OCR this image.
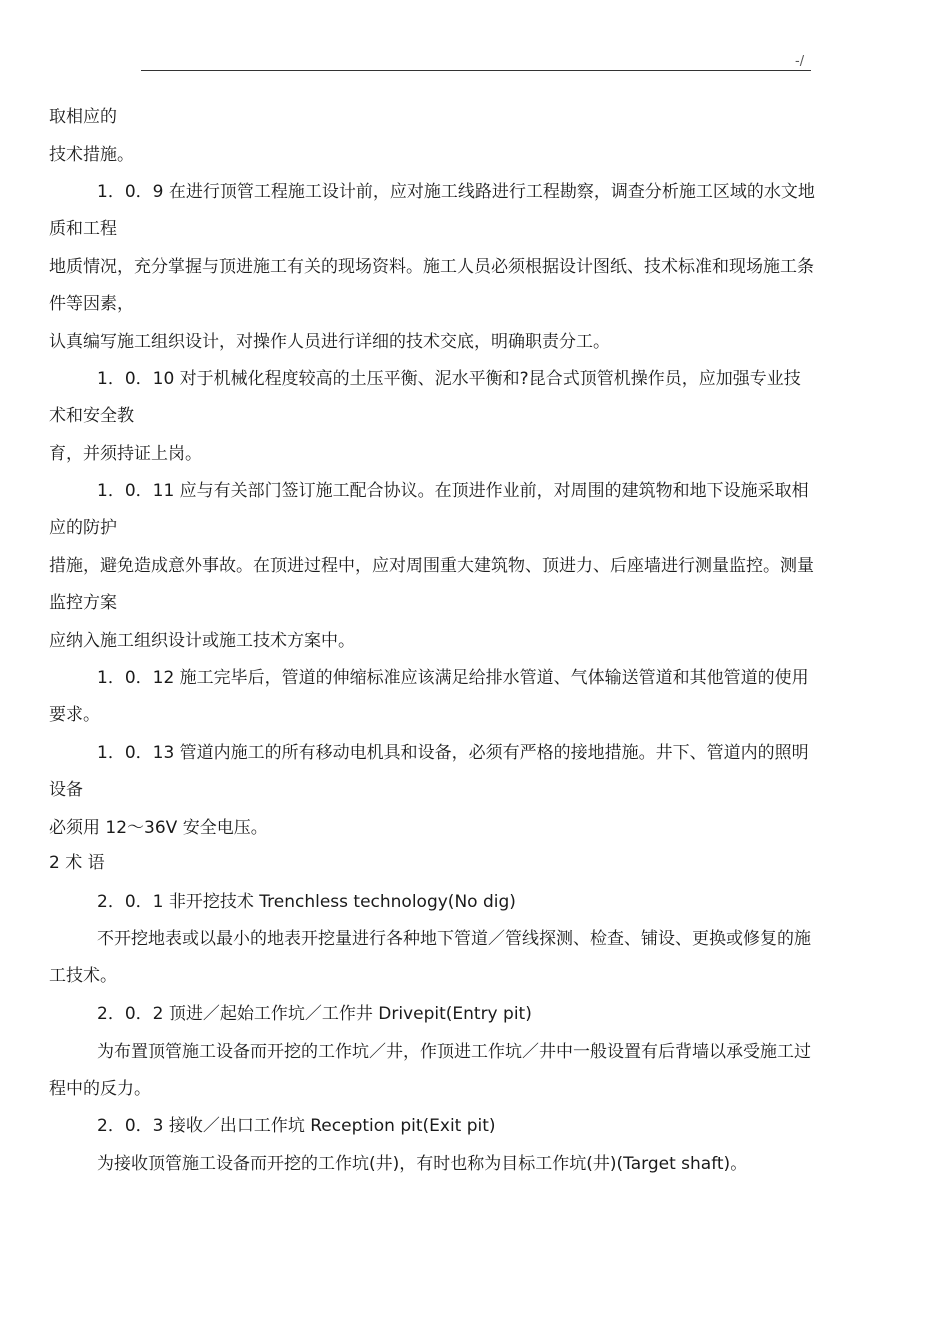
-/
取相应的
技术措施。
1．0．9 在进行顶管工程施工设计前，应对施工线路进行工程勘察，调查分析施工区域的水文地
质和工程
地质情况，充分掌握与顶进施工有关的现场资料。施工人员必须根据设计图纸、技术标准和现场施工条
件等因素，
认真编写施工组织设计，对操作人员进行详细的技术交底，明确职责分工。
1．0．10 对于机械化程度较高的土压平衡、泥水平衡和?昆合式顶管机操作员，应加强专业技
术和安全教
育，并须持证上岗。
1．0．11 应与有关部门签订施工配合协议。在顶进作业前，对周围的建筑物和地下设施采取相
应的防护
措施，避免造成意外事故。在顶进过程中，应对周围重大建筑物、顶进力、后座墙进行测量监控。测量
监控方案
应纳入施工组织设计或施工技术方案中。
1．0．12 施工完毕后，管道的伸缩标准应该满足给排水管道、气体输送管道和其他管道的使用
要求。
1．0．13 管道内施工的所有移动电机具和设备，必须有严格的接地措施。井下、管道内的照明
设备
必须用 12～36V 安全电压。
2 术 语
2．0．1 非开挖技术 Trenchless technology(No dig)
不开挖地表或以最小的地表开挖量进行各种地下管道／管线探测、检查、铺设、更换或修复的施
工技术。
2．0．2 顶进／起始工作坑／工作井 Drivepit(Entry pit)
为布置顶管施工设备而开挖的工作坑／井，作顶进工作坑／井中一般设置有后背墙以承受施工过
程中的反力。
2．0．3 接收／出口工作坑 Reception pit(Exit pit)
为接收顶管施工设备而开挖的工作坑(井)，有时也称为目标工作坑(井)(Target shaft)。
